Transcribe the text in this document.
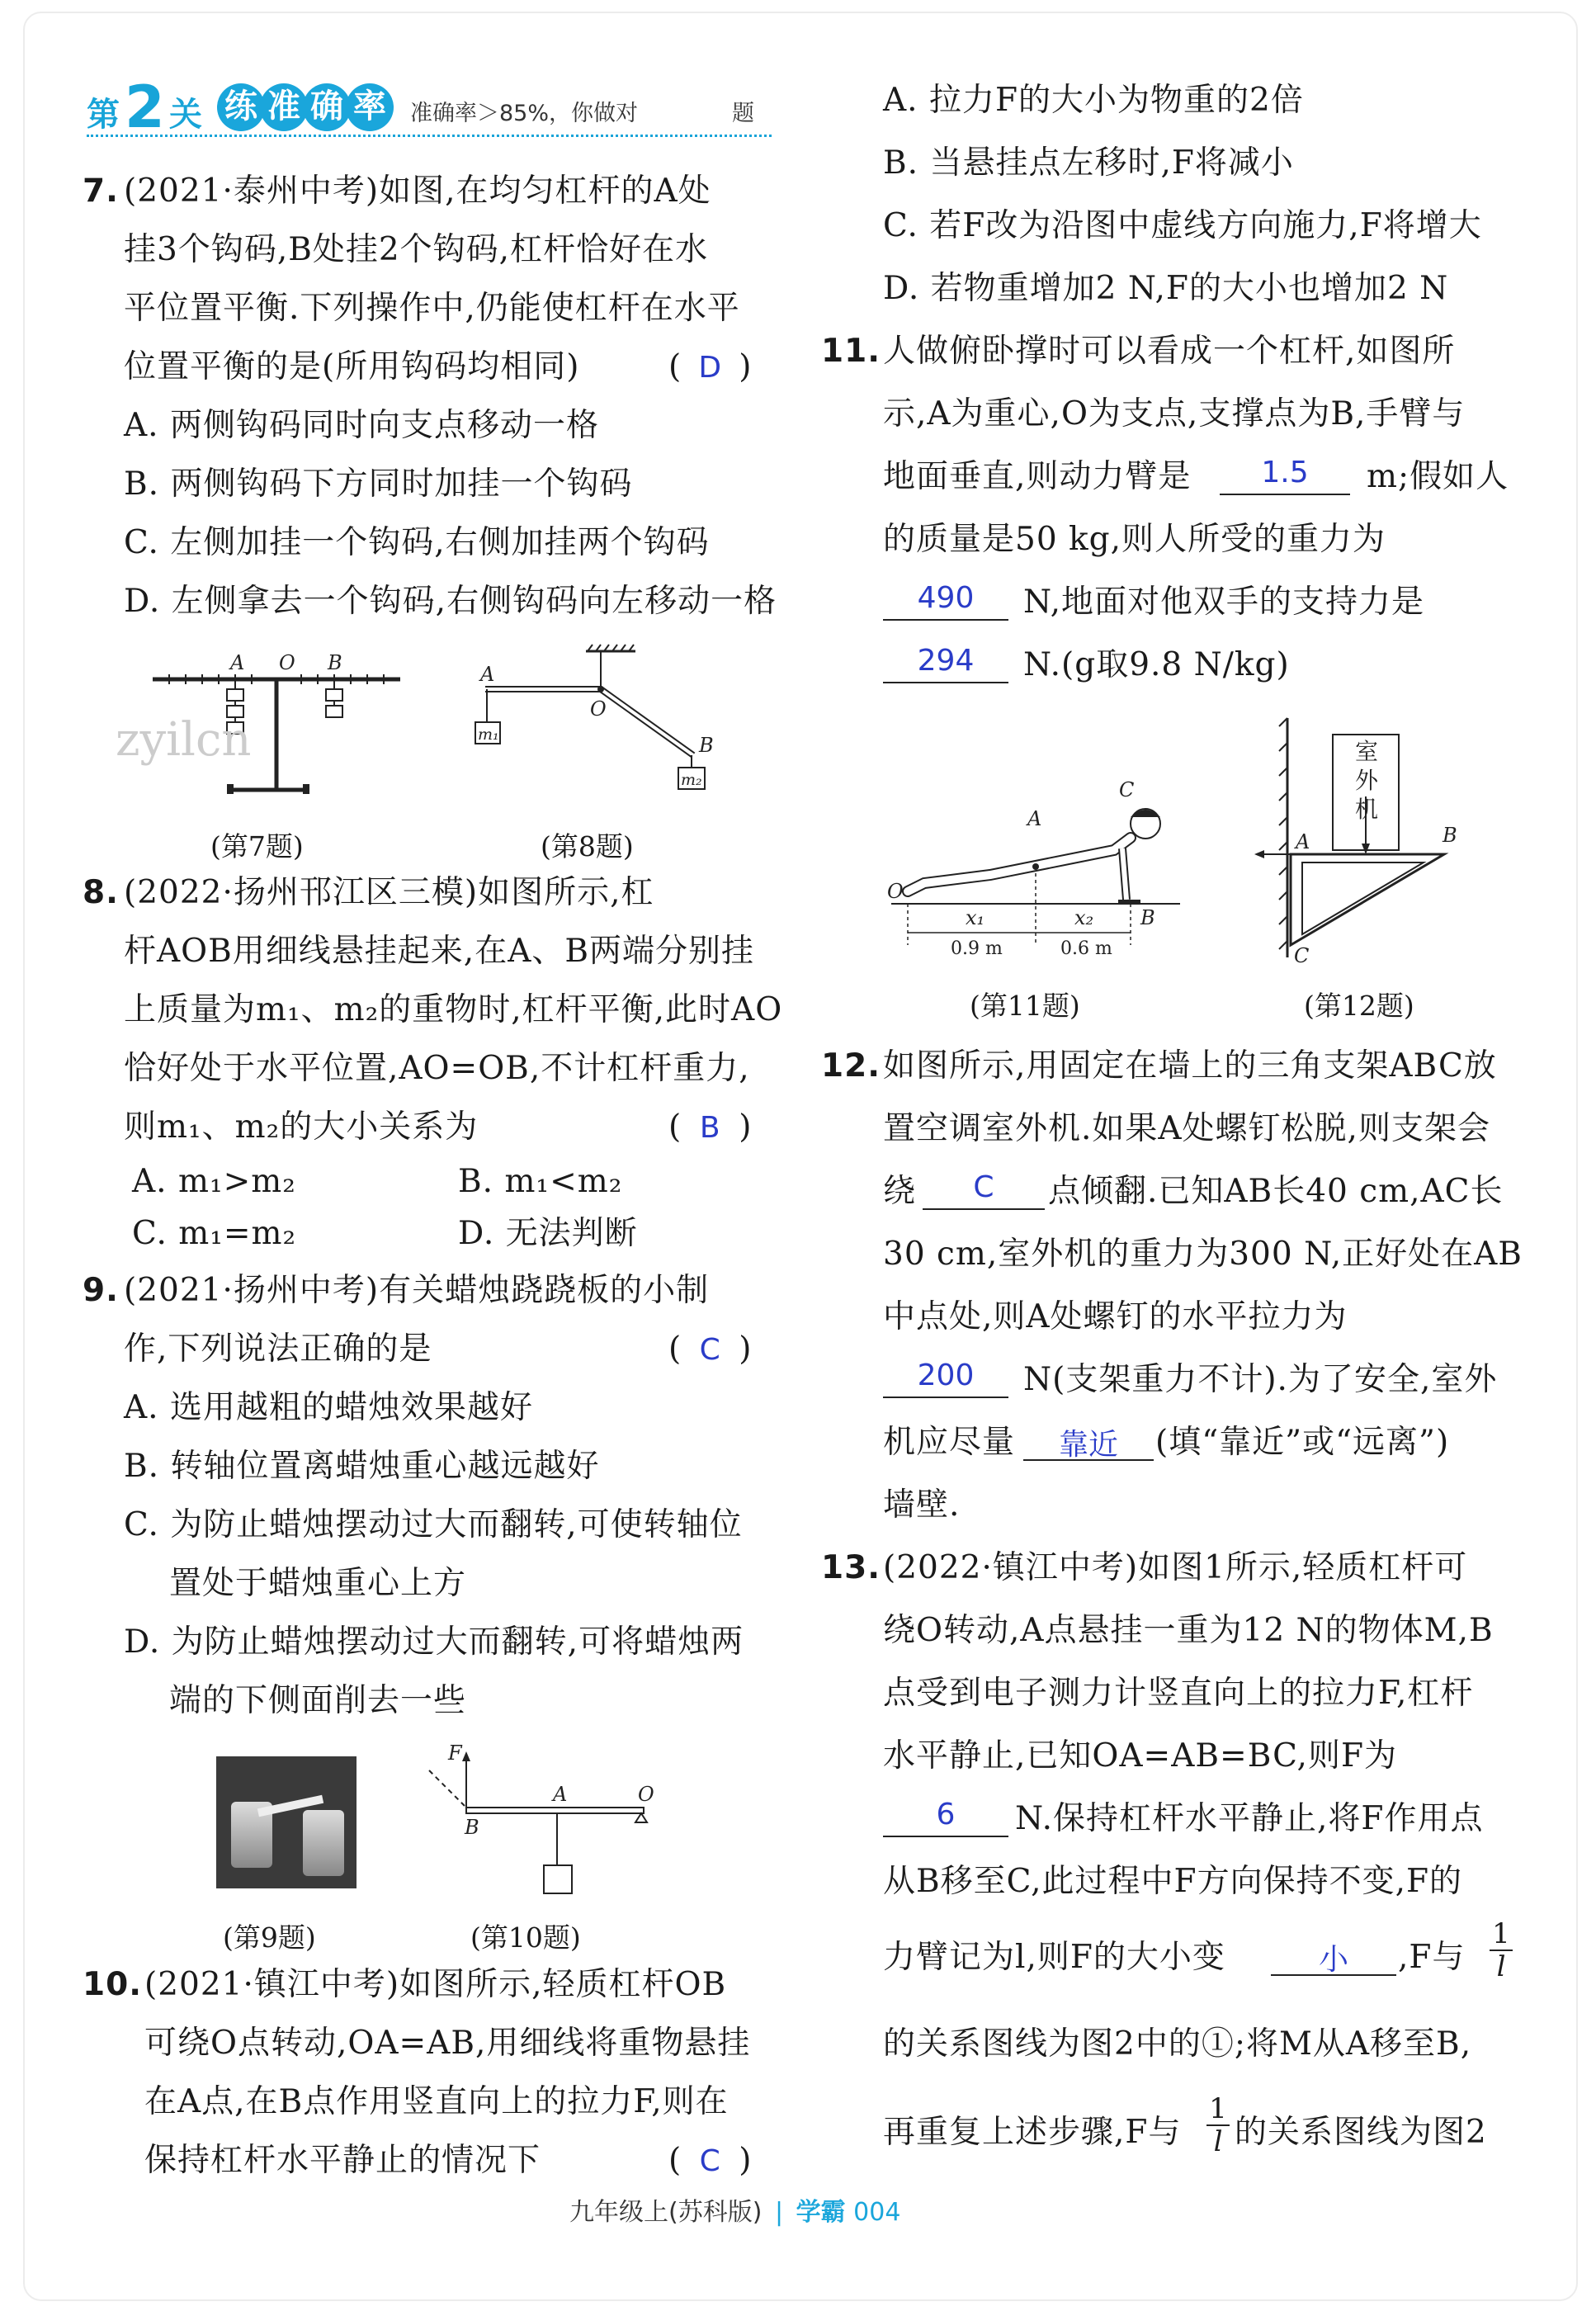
第 2 关 练 准 确 率	准确率＞85%，你做对	题
7. (2021·泰州中考)如图,在均匀杠杆的A处
挂3个钩码,B处挂2个钩码,杠杆恰好在水
平位置平衡.下列操作中,仍能使杠杆在水平
位置平衡的是(所用钩码均相同)	( D )
A. 两侧钩码同时向支点移动一格
B. 两侧钩码下方同时加挂一个钩码
C. 左侧加挂一个钩码,右侧加挂两个钩码
D. 左侧拿去一个钩码,右侧钩码向左移动一格
A O B
zyilcn
(第7题)
A
O
B
m₁
m₂
(第8题)
8. (2022·扬州邗江区三模)如图所示,杠
杆AOB用细线悬挂起来,在A、B两端分别挂
上质量为m₁、m₂的重物时,杠杆平衡,此时AO
恰好处于水平位置,AO=OB,不计杠杆重力,
则m₁、m₂的大小关系为	( B )
A. m₁>m₂	B. m₁<m₂
C. m₁=m₂	D. 无法判断
9. (2021·扬州中考)有关蜡烛跷跷板的小制
作,下列说法正确的是	( C )
A. 选用越粗的蜡烛效果越好
B. 转轴位置离蜡烛重心越远越好
C. 为防止蜡烛摆动过大而翻转,可使转轴位
置处于蜡烛重心上方
D. 为防止蜡烛摆动过大而翻转,可将蜡烛两
端的下侧面削去一些
(第9题)
F
A	O
B
(第10题)
10. (2021·镇江中考)如图所示,轻质杠杆OB
可绕O点转动,OA=AB,用细线将重物悬挂
在A点,在B点作用竖直向上的拉力F,则在
保持杠杆水平静止的情况下	( C )
A. 拉力F的大小为物重的2倍
B. 当悬挂点左移时,F将减小
C. 若F改为沿图中虚线方向施力,F将增大
D. 若物重增加2 N,F的大小也增加2 N
11. 人做俯卧撑时可以看成一个杠杆,如图所
示,A为重心,O为支点,支撑点为B,手臂与
地面垂直,则动力臂是	1.5	m;假如人
的质量是50 kg,则人所受的重力为
490	N,地面对他双手的支持力是
294	N.(g取9.8 N/kg)
C
A
O
B
x₁	x₂
0.9 m	0.6 m
(第11题)
室
外
机
A	B
C
(第12题)
12. 如图所示,用固定在墙上的三角支架ABC放
置空调室外机.如果A处螺钉松脱,则支架会
绕	C	点倾翻.已知AB长40 cm,AC长
30 cm,室外机的重力为300 N,正好处在AB
中点处,则A处螺钉的水平拉力为
200	N(支架重力不计).为了安全,室外
机应尽量	靠近	(填“靠近”或“远离”)
墙壁.
13. (2022·镇江中考)如图1所示,轻质杠杆可
绕O转动,A点悬挂一重为12 N的物体M,B
点受到电子测力计竖直向上的拉力F,杠杆
水平静止,已知OA=AB=BC,则F为
6	N.保持杠杆水平静止,将F作用点
从B移至C,此过程中F方向保持不变,F的
力臂记为l,则F的大小变	小	,F与 $\frac{1}{l}$
的关系图线为图2中的①;将M从A移至B,
再重复上述步骤,F与 $\frac{1}{l}$ 的关系图线为图2
九年级上(苏科版) | 学霸 004
